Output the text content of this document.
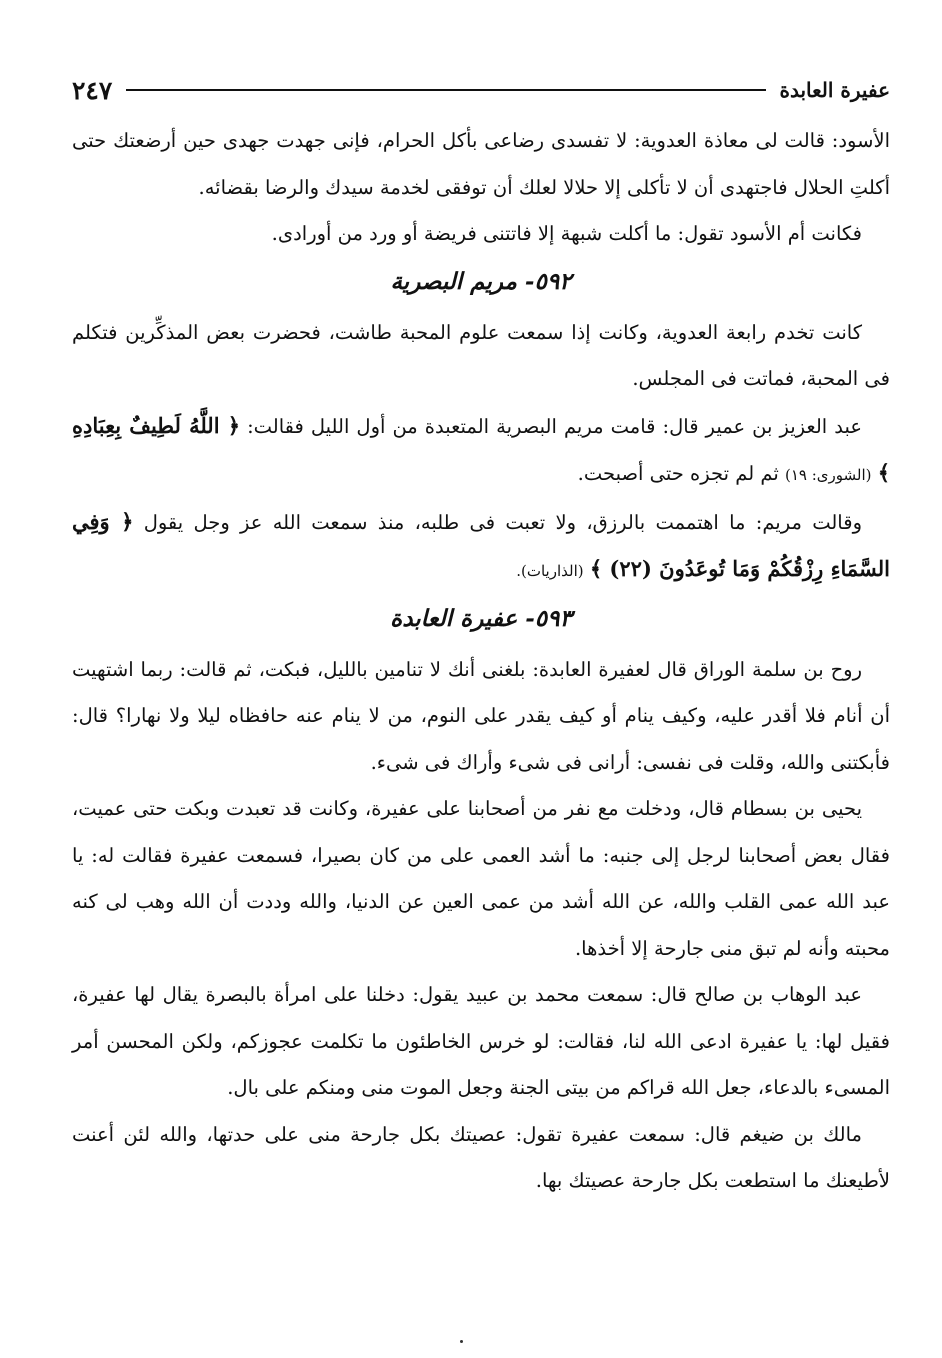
عفيرة العابدة
٢٤٧

الأسود: قالت لى معاذة العدوية: لا تفسدى رضاعى بأكل الحرام، فإنى جهدت جهدى حين أرضعتك حتى أكلتِ الحلال فاجتهدى أن لا تأكلى إلا حلالا لعلك أن توفقى لخدمة سيدك والرضا بقضائه.

فكانت أم الأسود تقول: ما أكلت شبهة إلا فاتتنى فريضة أو ورد من أورادى.

٥٩٢- مريم البصرية

كانت تخدم رابعة العدوية، وكانت إذا سمعت علوم المحبة طاشت، فحضرت بعض المذكِّرين فتكلم فى المحبة، فماتت فى المجلس.

عبد العزيز بن عمير قال: قامت مريم البصرية المتعبدة من أول الليل فقالت: ﴿ اللَّهُ لَطِيفٌ بِعِبَادِهِ ﴾ (الشورى: ١٩) ثم لم تجزه حتى أصبحت.

وقالت مريم: ما اهتممت بالرزق، ولا تعبت فى طلبه، منذ سمعت الله عز وجل يقول ﴿ وَفِي السَّمَاءِ رِزْقُكُمْ وَمَا تُوعَدُونَ (٢٢) ﴾ (الذاريات).

٥٩٣- عفيرة العابدة

روح بن سلمة الوراق قال لعفيرة العابدة: بلغنى أنك لا تنامين بالليل، فبكت، ثم قالت: ربما اشتهيت أن أنام فلا أقدر عليه، وكيف ينام أو كيف يقدر على النوم، من لا ينام عنه حافظاه ليلا ولا نهارا؟ قال: فأبكتنى والله، وقلت فى نفسى: أرانى فى شىء وأراك فى شىء.

يحيى بن بسطام قال، ودخلت مع نفر من أصحابنا على عفيرة، وكانت قد تعبدت وبكت حتى عميت، فقال بعض أصحابنا لرجل إلى جنبه: ما أشد العمى على من كان بصيرا، فسمعت عفيرة فقالت له: يا عبد الله عمى القلب والله، عن الله أشد من عمى العين عن الدنيا، والله وددت أن الله وهب لى كنه محبته وأنه لم تبق منى جارحة إلا أخذها.

عبد الوهاب بن صالح قال: سمعت محمد بن عبيد يقول: دخلنا على امرأة بالبصرة يقال لها عفيرة، فقيل لها: يا عفيرة ادعى الله لنا، فقالت: لو خرس الخاطئون ما تكلمت عجوزكم، ولكن المحسن أمر المسىء بالدعاء، جعل الله قراكم من بيتى الجنة وجعل الموت منى ومنكم على بال.

مالك بن ضيغم قال: سمعت عفيرة تقول: عصيتك بكل جارحة منى على حدتها، والله لئن أعنت لأطيعنك ما استطعت بكل جارحة عصيتك بها.
